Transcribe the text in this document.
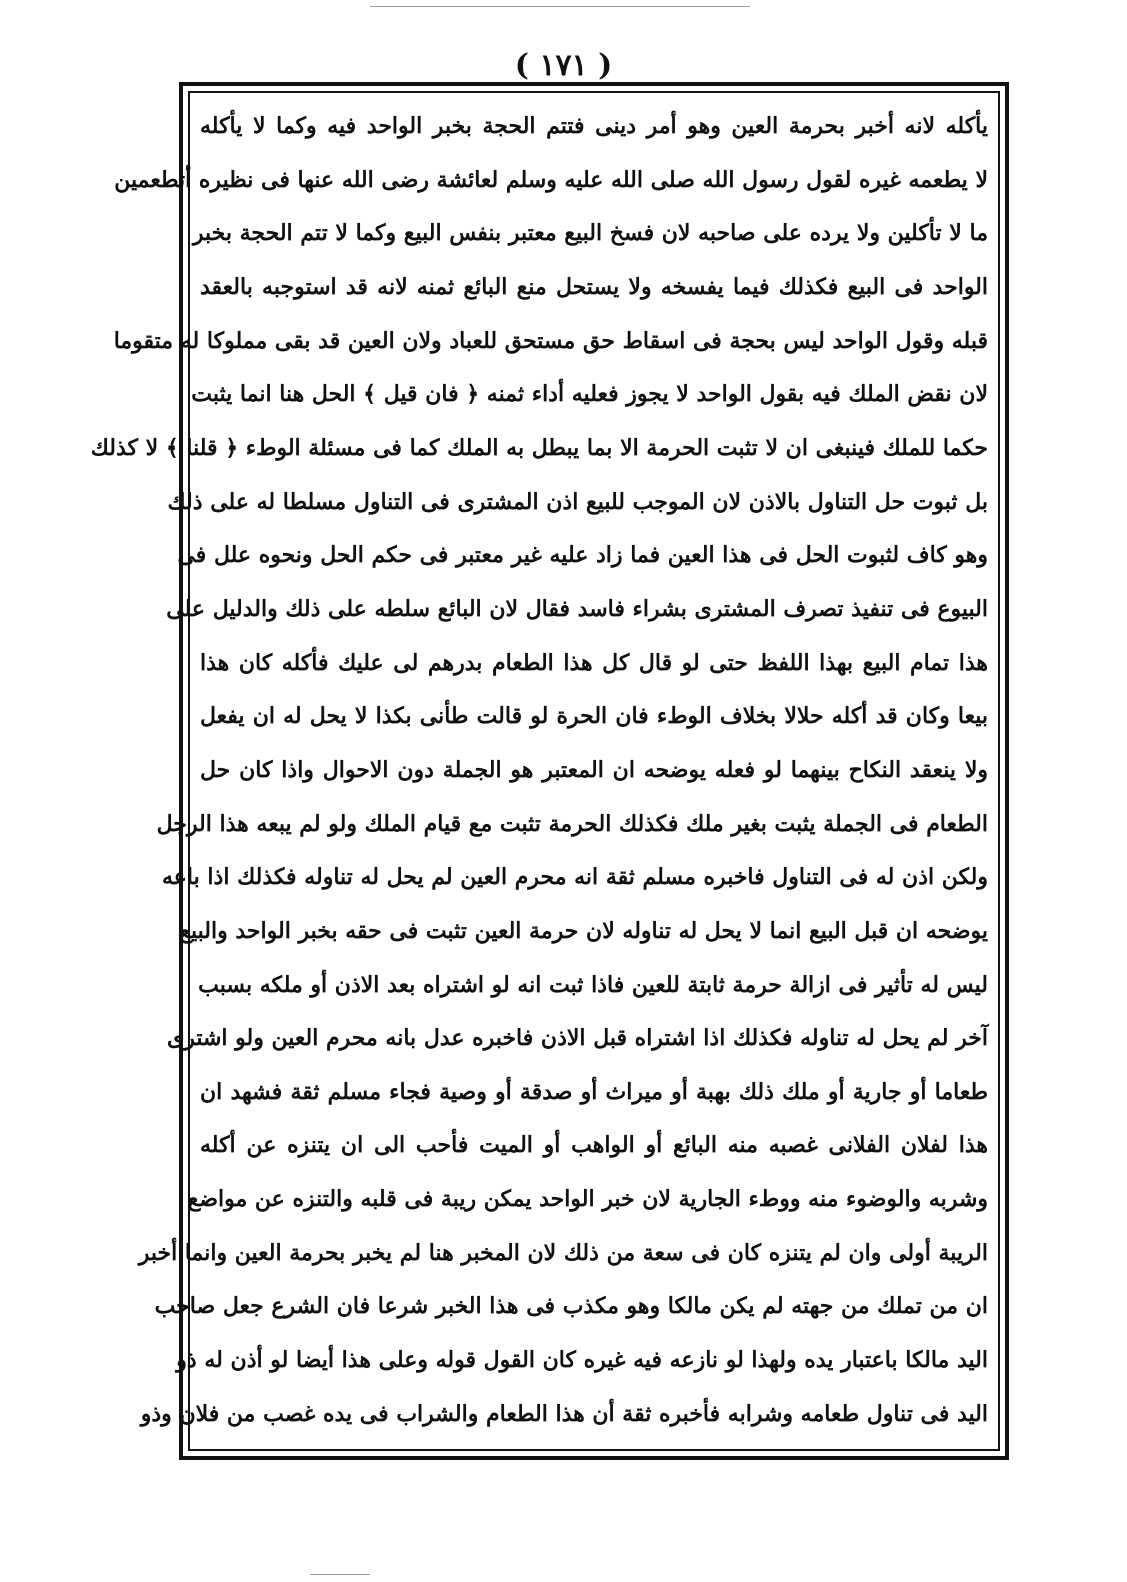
( ١٧١ )
يأكله لانه أخبر بحرمة العين وهو أمر دينى فتتم الحجة بخبر الواحد فيه وكما لا يأكله
لا يطعمه غيره لقول رسول الله صلى الله عليه وسلم لعائشة رضى الله عنها فى نظيره أتطعمين
ما لا تأكلين ولا يرده على صاحبه لان فسخ البيع معتبر بنفس البيع وكما لا تتم الحجة بخبر
الواحد فى البيع فكذلك فيما يفسخه ولا يستحل منع البائع ثمنه لانه قد استوجبه بالعقد
قبله وقول الواحد ليس بحجة فى اسقاط حق مستحق للعباد ولان العين قد بقى مملوكا له متقوما
لان نقض الملك فيه بقول الواحد لا يجوز فعليه أداء ثمنه ﴿ فان قيل ﴾ الحل هنا انما يثبت
حكما للملك فينبغى ان لا تثبت الحرمة الا بما يبطل به الملك كما فى مسئلة الوطء ﴿ قلنا ﴾ لا كذلك
بل ثبوت حل التناول بالاذن لان الموجب للبيع اذن المشترى فى التناول مسلطا له على ذلك
وهو كاف لثبوت الحل فى هذا العين فما زاد عليه غير معتبر فى حكم الحل ونحوه علل فى
البيوع فى تنفيذ تصرف المشترى بشراء فاسد فقال لان البائع سلطه على ذلك والدليل على
هذا تمام البيع بهذا اللفظ حتى لو قال كل هذا الطعام بدرهم لى عليك فأكله كان هذا
بيعا وكان قد أكله حلالا بخلاف الوطء فان الحرة لو قالت طأنى بكذا لا يحل له ان يفعل
ولا ينعقد النكاح بينهما لو فعله يوضحه ان المعتبر هو الجملة دون الاحوال واذا كان حل
الطعام فى الجملة يثبت بغير ملك فكذلك الحرمة تثبت مع قيام الملك ولو لم يبعه هذا الرجل
ولكن اذن له فى التناول فاخبره مسلم ثقة انه محرم العين لم يحل له تناوله فكذلك اذا باعه
يوضحه ان قبل البيع انما لا يحل له تناوله لان حرمة العين تثبت فى حقه بخبر الواحد والبيع
ليس له تأثير فى ازالة حرمة ثابتة للعين فاذا ثبت انه لو اشتراه بعد الاذن أو ملكه بسبب
آخر لم يحل له تناوله فكذلك اذا اشتراه قبل الاذن فاخبره عدل بانه محرم العين ولو اشترى
طعاما أو جارية أو ملك ذلك بهبة أو ميراث أو صدقة أو وصية فجاء مسلم ثقة فشهد ان
هذا لفلان الفلانى غصبه منه البائع أو الواهب أو الميت فأحب الى ان يتنزه عن أكله
وشربه والوضوء منه ووطء الجارية لان خبر الواحد يمكن ريبة فى قلبه والتنزه عن مواضع
الريبة أولى وان لم يتنزه كان فى سعة من ذلك لان المخبر هنا لم يخبر بحرمة العين وانما أخبر
ان من تملك من جهته لم يكن مالكا وهو مكذب فى هذا الخبر شرعا فان الشرع جعل صاحب
اليد مالكا باعتبار يده ولهذا لو نازعه فيه غيره كان القول قوله وعلى هذا أيضا لو أذن له ذو
اليد فى تناول طعامه وشرابه فأخبره ثقة أن هذا الطعام والشراب فى يده غصب من فلان وذو
